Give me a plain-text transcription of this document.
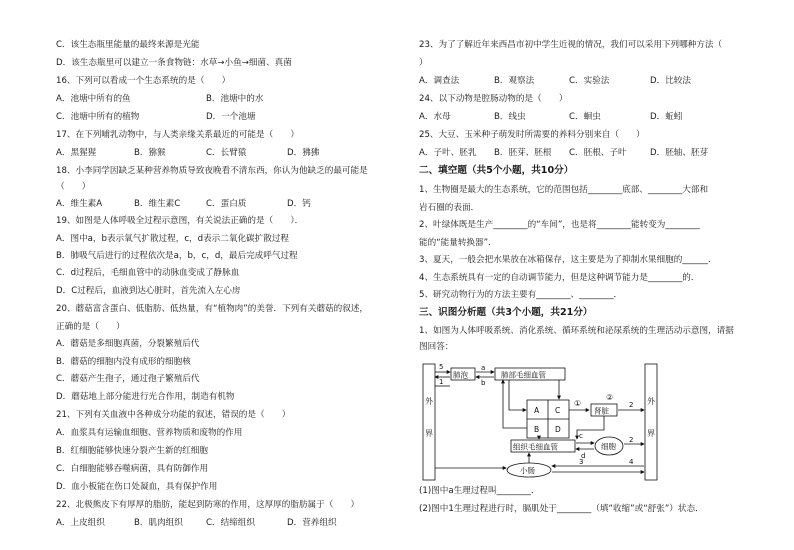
C．该生态瓶里能量的最终来源是光能
D．该生态瓶里可以建立一条食物链：水草→小鱼→细菌、真菌
16、下列可以看成一个生态系统的是（　　）
A．池塘中所有的鱼	B．池塘中的水
C．池塘中所有的植物	D．一个池塘
17、在下列哺乳动物中，与人类亲缘关系最近的可能是（　　）
A．黑猩猩	B．猕猴	C．长臂猿	D．狒狒
18、小李同学因缺乏某种营养物质导致夜晚看不清东西，你认为他缺乏的最可能是
（　　）
A．维生素A	B．维生素C	C．蛋白质	D．钙
19、如图是人体呼吸全过程示意图，有关说法正确的是（　　）．
A．图中a，b表示氧气扩散过程，c，d表示二氧化碳扩散过程
B．肺吸气后进行的过程依次是a，b，c，d，最后完成呼气过程
C．d过程后，毛细血管中的动脉血变成了静脉血
D．C过程后，血液到达心脏时，首先流入左心房
20、蘑菇富含蛋白、低脂肪、低热量，有“植物肉”的美誉．下列有关蘑菇的叙述，
正确的是（　　）
A．蘑菇是多细胞真菌，分裂繁殖后代
B．蘑菇的细胞内没有成形的细胞核
C．蘑菇产生孢子，通过孢子繁殖后代
D．蘑菇地上部分能进行光合作用，制造有机物
21、下列有关血液中各种成分功能的叙述，错误的是（　　）
A．血浆具有运输血细胞、营养物质和废物的作用
B．红细胞能够快速分裂产生新的红细胞
C．白细胞能够吞噬病菌，具有防御作用
D．血小板能在伤口处凝血，具有保护作用
22、北极熊皮下有厚厚的脂肪，能起到防寒的作用，这厚厚的脂肪属于（　　）
A．上皮组织	B．肌肉组织	C．结缔组织	D．营养组织
23、为了了解近年来西昌市初中学生近视的情况，我们可以采用下列哪种方法（
）
A．调查法	B．观察法	C．实验法	D．比较法
24、以下动物是腔肠动物的是（　　）
A．水母	B．线虫	C．蛔虫	D．蚯蚓
25、大豆、玉米种子萌发时所需要的养料分别来自（　　）
A．子叶、胚乳 B．胚芽、胚根 C．胚根、子叶	D．胚轴、胚芽
二、填空题（共5个小题，共10分）
1、生物圈是最大的生态系统，它的范围包括________底部、________大部和
岩石圈的表面．
2、叶绿体既是生产________的“车间”，也是将________能转变为________
能的“能量转换器”．
3、夏天，一般会把水果放在冰箱保存，这主要是为了抑制水果细胞的______．
4、生态系统具有一定的自动调节能力，但是这种调节能力是________的．
5、研究动物行为的方法主要有________、________．
三、识图分析题（共3个小题，共21分）
1、如图为人体呼吸系统、消化系统、循环系统和泌尿系统的生理活动示意图，请据
图回答：
外
界
外
界
肺泡	肺部毛细血管
A C
B D
肾脏
组织毛细血管	细胞
小肠
5
1
2
2
4
3
a
b
c
d
①
②
(1)图中a生理过程叫________．
(2)图中1生理过程进行时，膈肌处于________（填“收缩”或“舒张”）状态．
